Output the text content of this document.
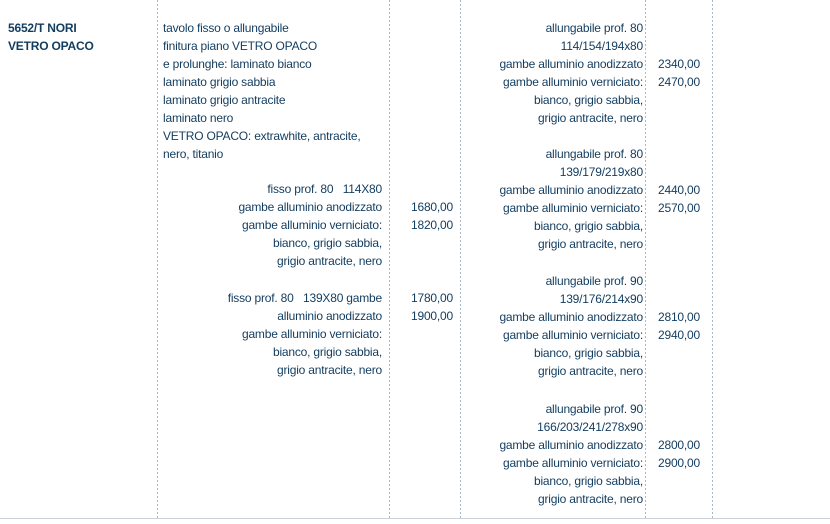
5652/T NORI
VETRO OPACO
tavolo fisso o allungabile
finitura piano VETRO OPACO
e prolunghe: laminato bianco
laminato grigio sabbia
laminato grigio antracite
laminato nero
VETRO OPACO: extrawhite, antracite,
nero, titanio
fisso prof. 80   114X80
gambe alluminio anodizzato
gambe alluminio verniciato:
bianco, grigio sabbia,
grigio antracite, nero
1680,00
1820,00
fisso prof. 80   139X80 gambe
alluminio anodizzato
gambe alluminio verniciato:
bianco, grigio sabbia,
grigio antracite, nero
1780,00
1900,00
allungabile prof. 80
114/154/194x80
gambe alluminio anodizzato
gambe alluminio verniciato:
bianco, grigio sabbia,
grigio antracite, nero
2340,00
2470,00
allungabile prof. 80
139/179/219x80
gambe alluminio anodizzato
gambe alluminio verniciato:
bianco, grigio sabbia,
grigio antracite, nero
2440,00
2570,00
allungabile prof. 90
139/176/214x90
gambe alluminio anodizzato
gambe alluminio verniciato:
bianco, grigio sabbia,
grigio antracite, nero
2810,00
2940,00
allungabile prof. 90
166/203/241/278x90
gambe alluminio anodizzato
gambe alluminio verniciato:
bianco, grigio sabbia,
grigio antracite, nero
2800,00
2900,00
